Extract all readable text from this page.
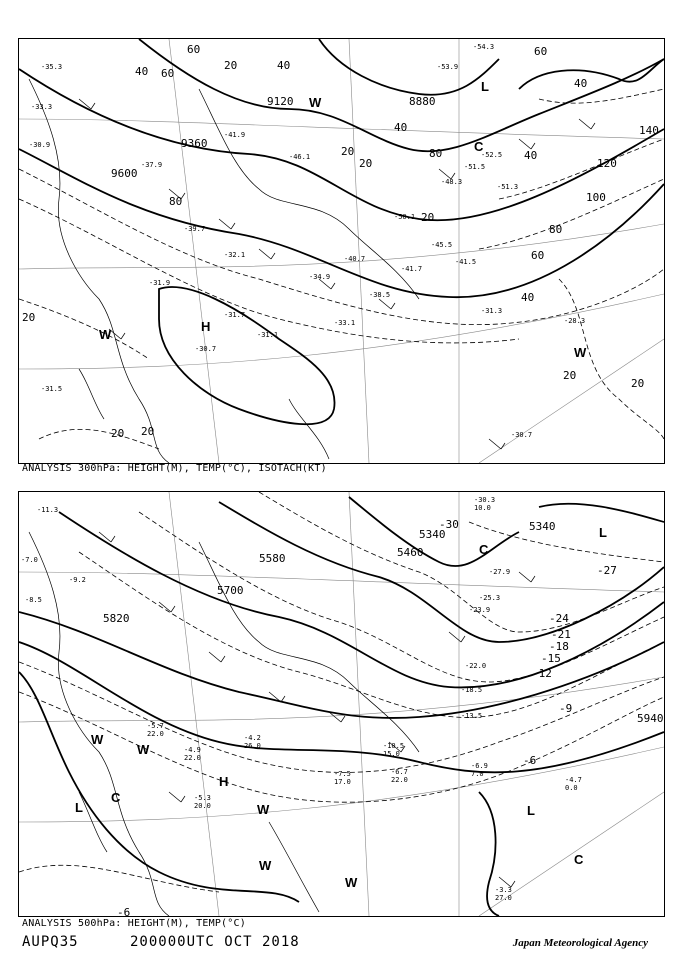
9600
9360
9120	8880
60
40 60
20	40
20
80
20
40
20
40
80
100
120
140
80
60
40
20
20 20
20
20
60
40
-35.3
-33.3
-30.9
-31.5
-30.7
-31.9
-31.7
-31.1
-33.1
-32.1
-38.5
-40.7
-41.7
-45.5
-48.3
-51.5
-52.5
-54.3
-51.3
-50.1
-46.1
-41.9
-39.7
-37.9
-34.9
-28.3
-30.7
-31.3
-41.5
-53.9
W
H
L
C
W
W
ANALYSIS 300hPa: HEIGHT(M), TEMP(°C), ISOTACH(KT)
5820
5700
5580	5460
5340
5340
5940
-6
-9
-12
-15
-18
-21
-24
-27
-30
-6
-5.7
22.0
-4.9
22.0
-5.3
20.0
-4.2
26.0
-7.5
17.0
-6.7
22.0
-6.9
7.0
-4.7
0.0
-3.3
27.0
-10.5
15.0
-13.5
-18.5
-22.0
-23.9
-25.3
-27.9
-30.3
10.0
-11.3
-7.0
-8.5
-9.2
H
L
C
W
W
W
W
L
C
L
C
W
ANALYSIS 500hPa: HEIGHT(M), TEMP(°C)
AUPQ35	200000UTC OCT 2018	Japan Meteorological Agency
